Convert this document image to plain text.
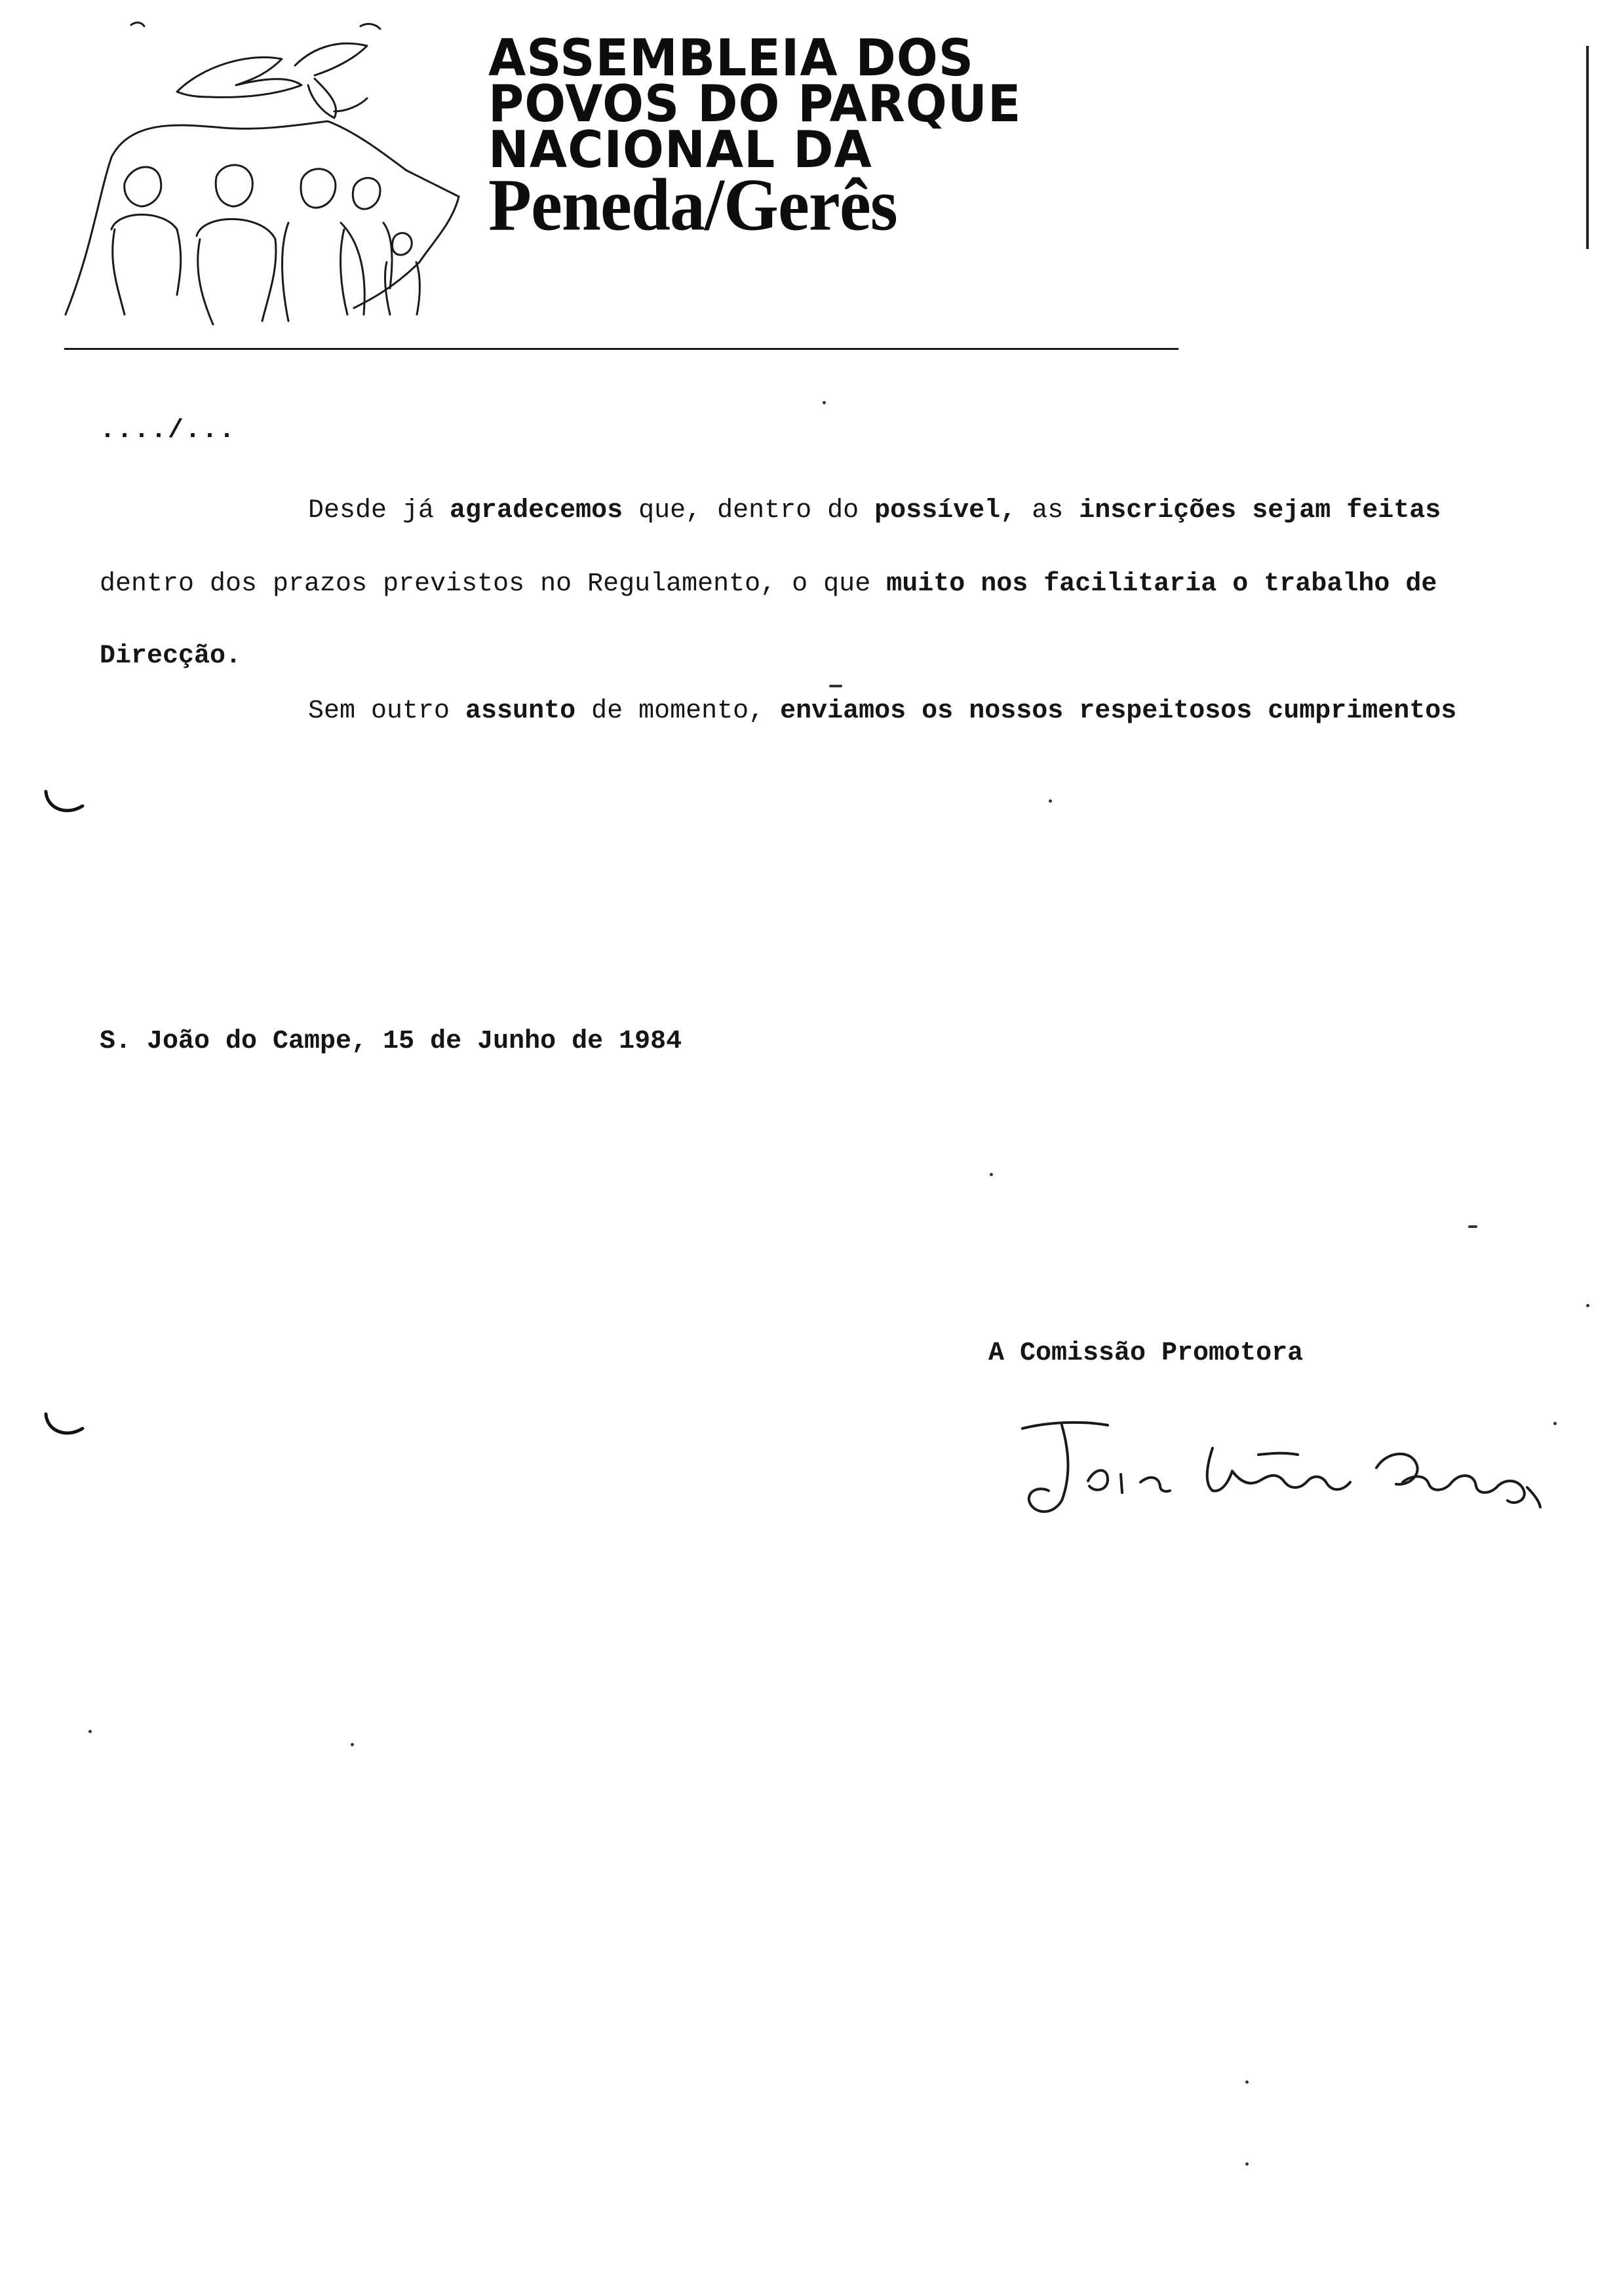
ASSEMBLEIA DOS
POVOS DO PARQUE
NACIONAL DA
Peneda/Gerês
..../...
Desde já agradecemos que, dentro do possível, as inscrições sejam feitas
dentro dos prazos previstos no Regulamento, o que muito nos facilitaria o trabalho de
Direcção.
Sem outro assunto de momento, enviamos os nossos respeitosos cumprimentos
S. João do Campe, 15 de Junho de 1984
A Comissão Promotora
